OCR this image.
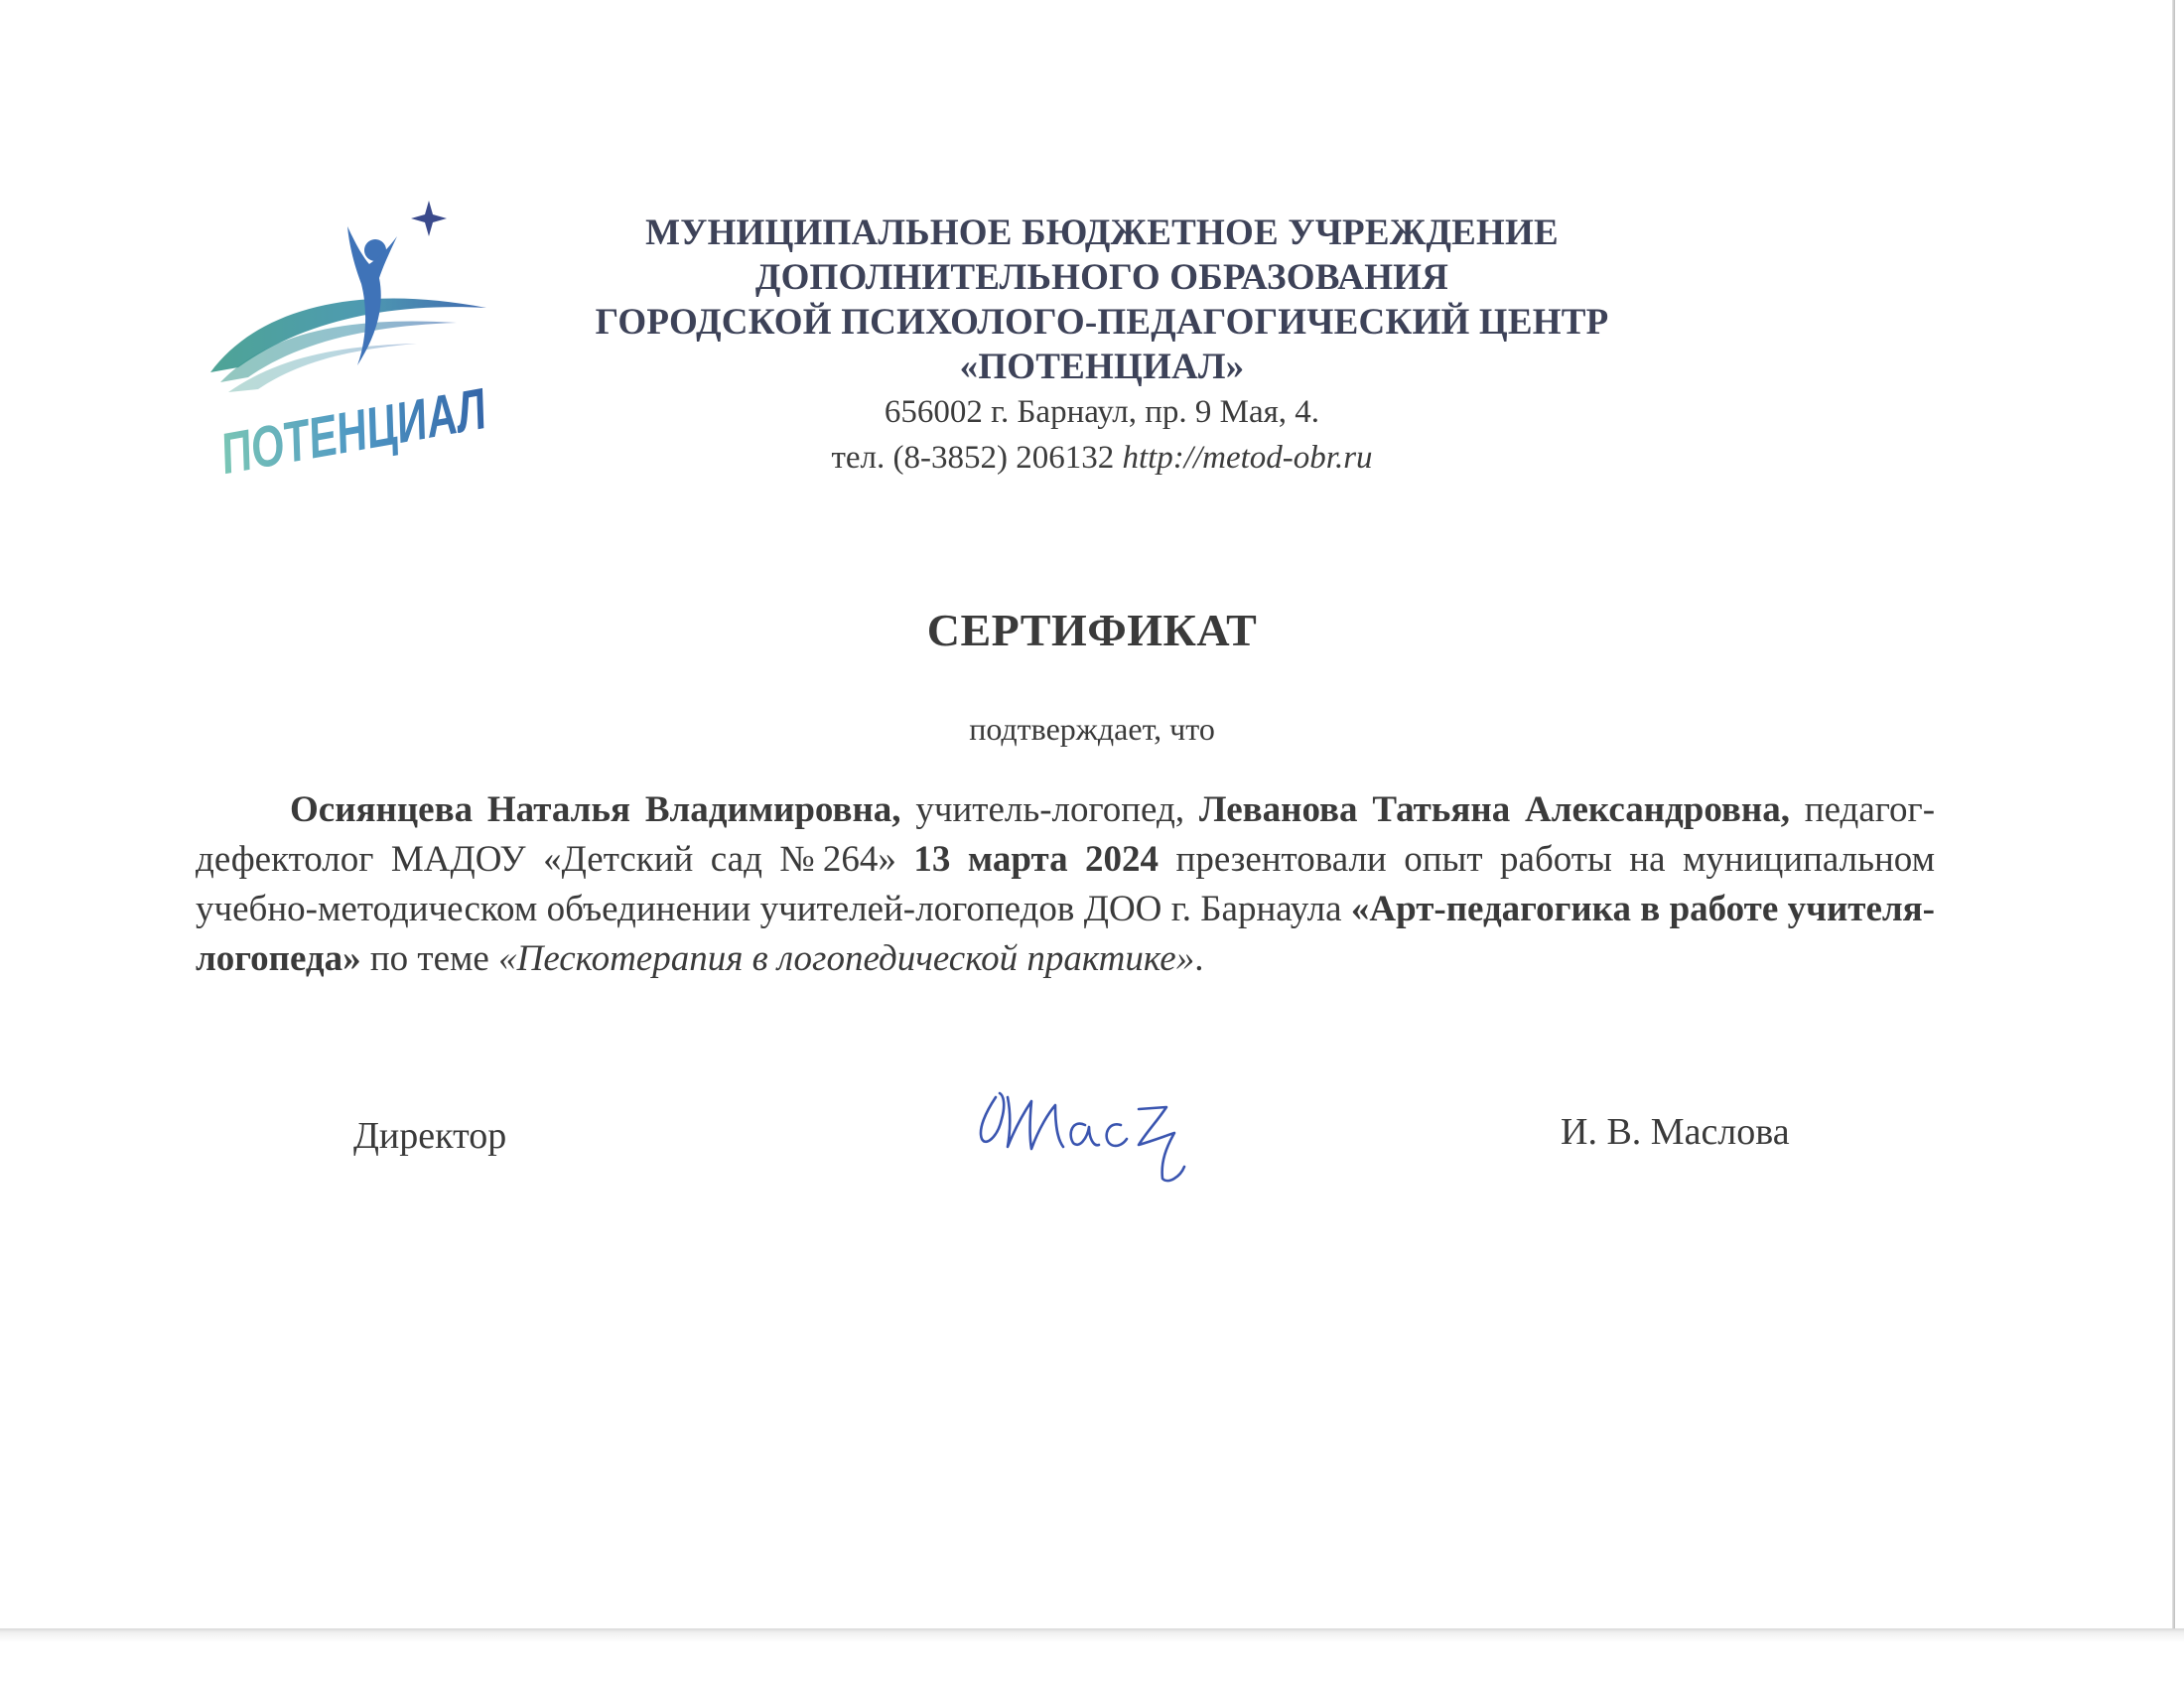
ПОТЕНЦИАЛ
МУНИЦИПАЛЬНОЕ БЮДЖЕТНОЕ УЧРЕЖДЕНИЕ
ДОПОЛНИТЕЛЬНОГО ОБРАЗОВАНИЯ
ГОРОДСКОЙ ПСИХОЛОГО-ПЕДАГОГИЧЕСКИЙ ЦЕНТР
«ПОТЕНЦИАЛ»
656002 г. Барнаул, пр. 9 Мая, 4.
тел. (8-3852) 206132 http://metod-obr.ru
СЕРТИФИКАТ
подтверждает, что
Осиянцева Наталья Владимировна, учитель-логопед, Леванова Татьяна Александровна, педагог-дефектолог МАДОУ «Детский сад №264» 13 марта 2024 презентовали опыт работы на муниципальном учебно-методическом объединении учителей-логопедов ДОО г. Барнаула «Арт-педагогика в работе учителя-логопеда» по теме «Пескотерапия в логопедической практике».
Директор	И. В. Маслова
